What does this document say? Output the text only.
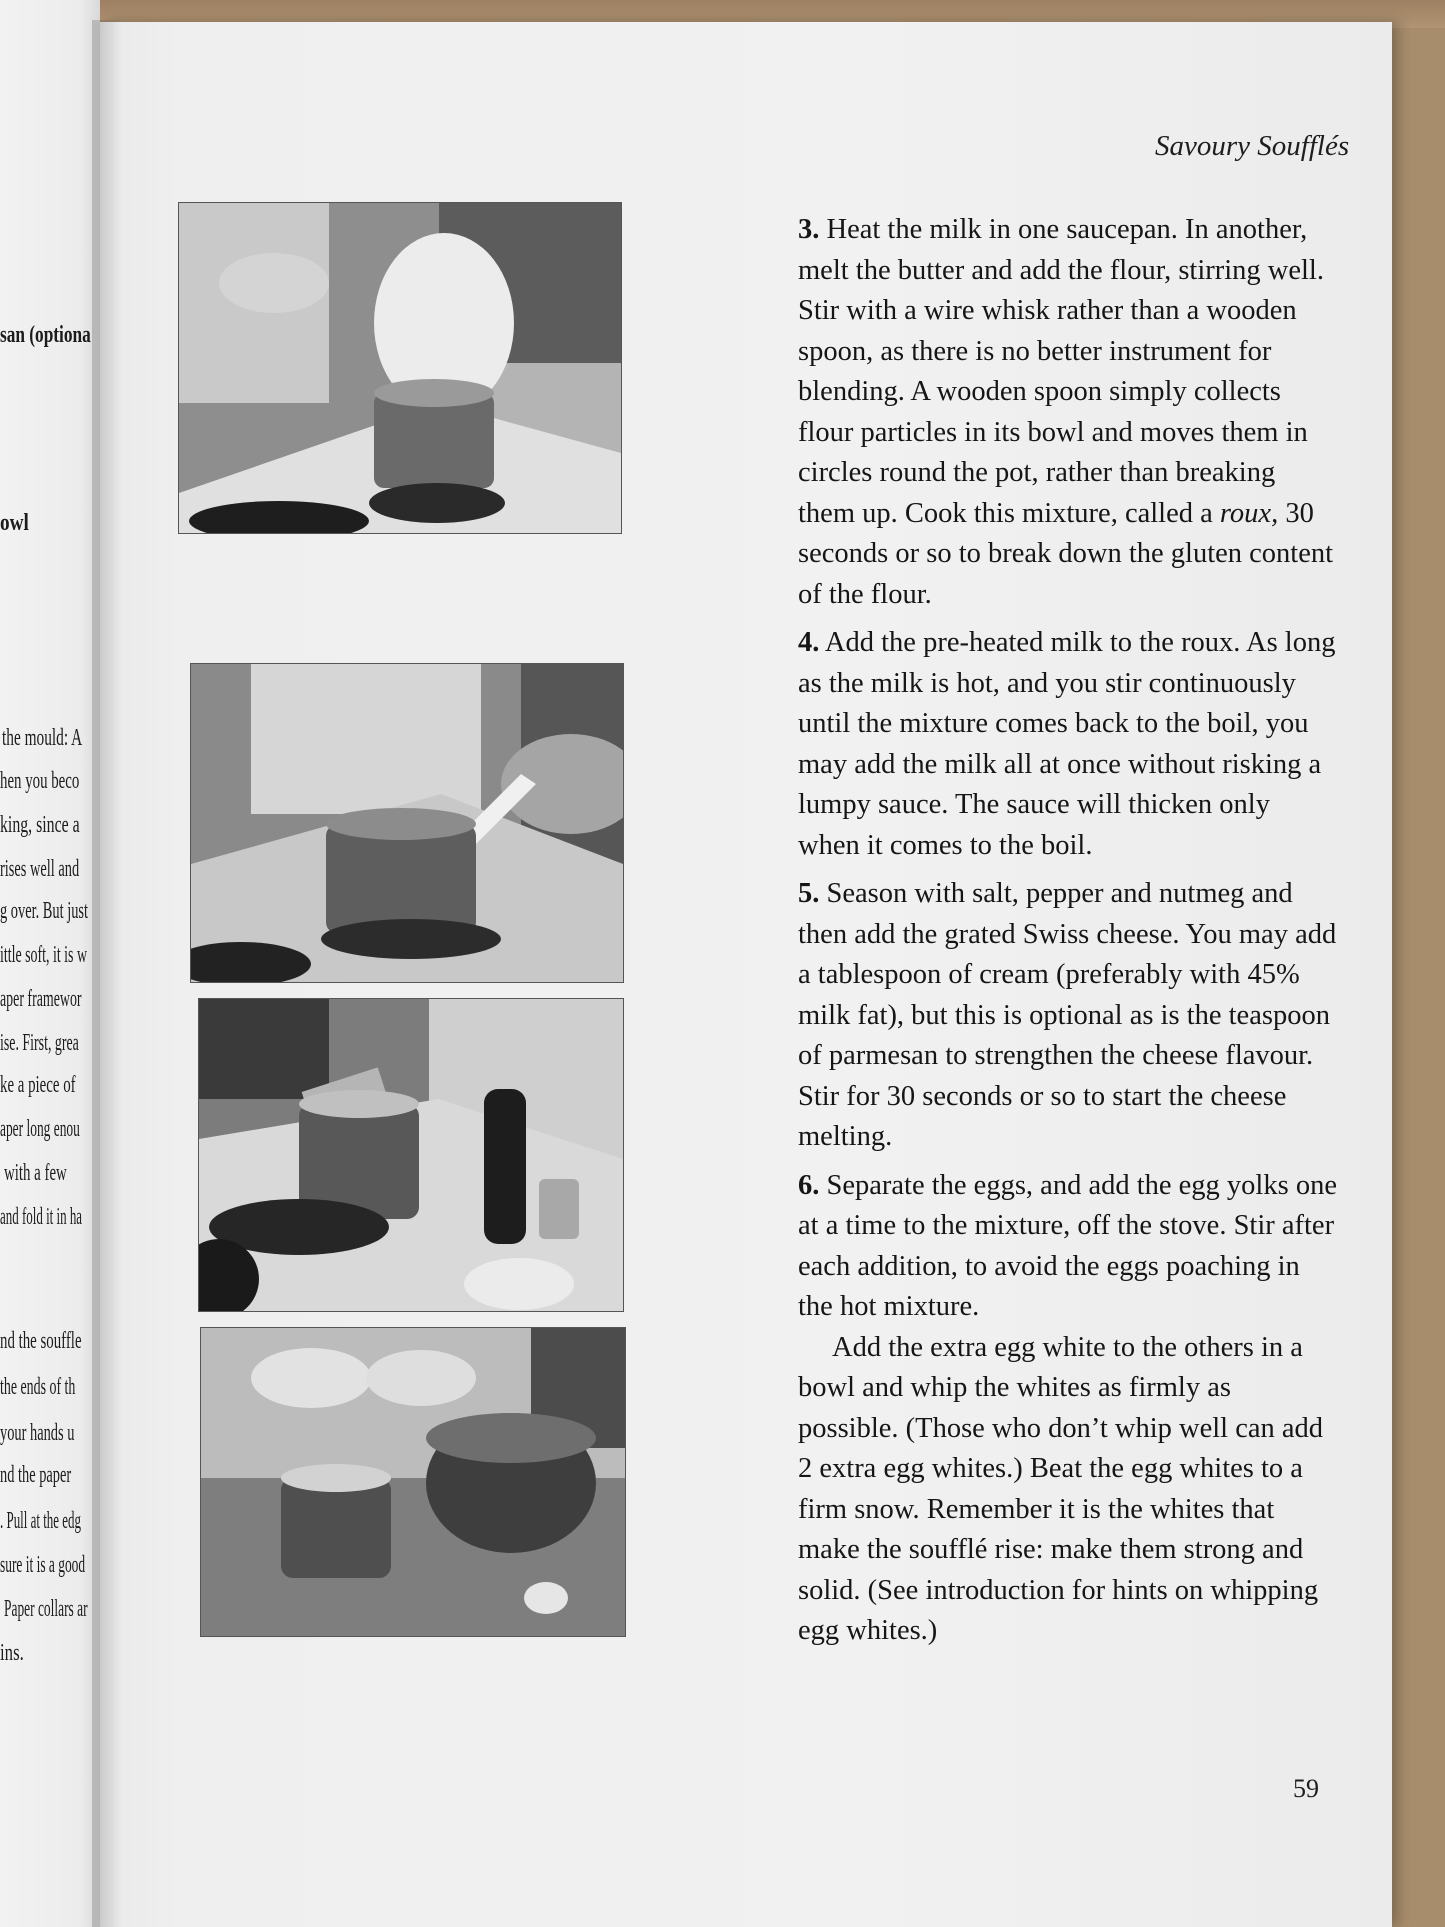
san (optiona
owl
the mould: A
hen you beco
king, since a
rises well and
g over. But just
ittle soft, it is w
aper framewor
ise. First, grea
ke a piece of
aper long enou
with a few
and fold it in ha
nd the souffle
the ends of th
your hands u
nd the paper
. Pull at the edg
sure it is a good
Paper collars ar
ins.
Savoury Soufflés

3. Heat the milk in one saucepan. In another, melt the butter and add the flour, stirring well. Stir with a wire whisk rather than a wooden spoon, as there is no better instrument for blending. A wooden spoon simply collects flour particles in its bowl and moves them in circles round the pot, rather than breaking them up. Cook this mixture, called a roux, 30 seconds or so to break down the gluten content of the flour.

4. Add the pre-heated milk to the roux. As long as the milk is hot, and you stir continuously until the mixture comes back to the boil, you may add the milk all at once without risking a lumpy sauce. The sauce will thicken only when it comes to the boil.

5. Season with salt, pepper and nutmeg and then add the grated Swiss cheese. You may add a tablespoon of cream (preferably with 45% milk fat), but this is optional as is the teaspoon of parmesan to strengthen the cheese flavour. Stir for 30 seconds or so to start the cheese melting.

6. Separate the eggs, and add the egg yolks one at a time to the mixture, off the stove. Stir after each addition, to avoid the eggs poaching in the hot mixture.

Add the extra egg white to the others in a bowl and whip the whites as firmly as possible. (Those who don’t whip well can add 2 extra egg whites.) Beat the egg whites to a firm snow. Remember it is the whites that make the soufflé rise: make them strong and solid. (See introduction for hints on whipping egg whites.)

59
